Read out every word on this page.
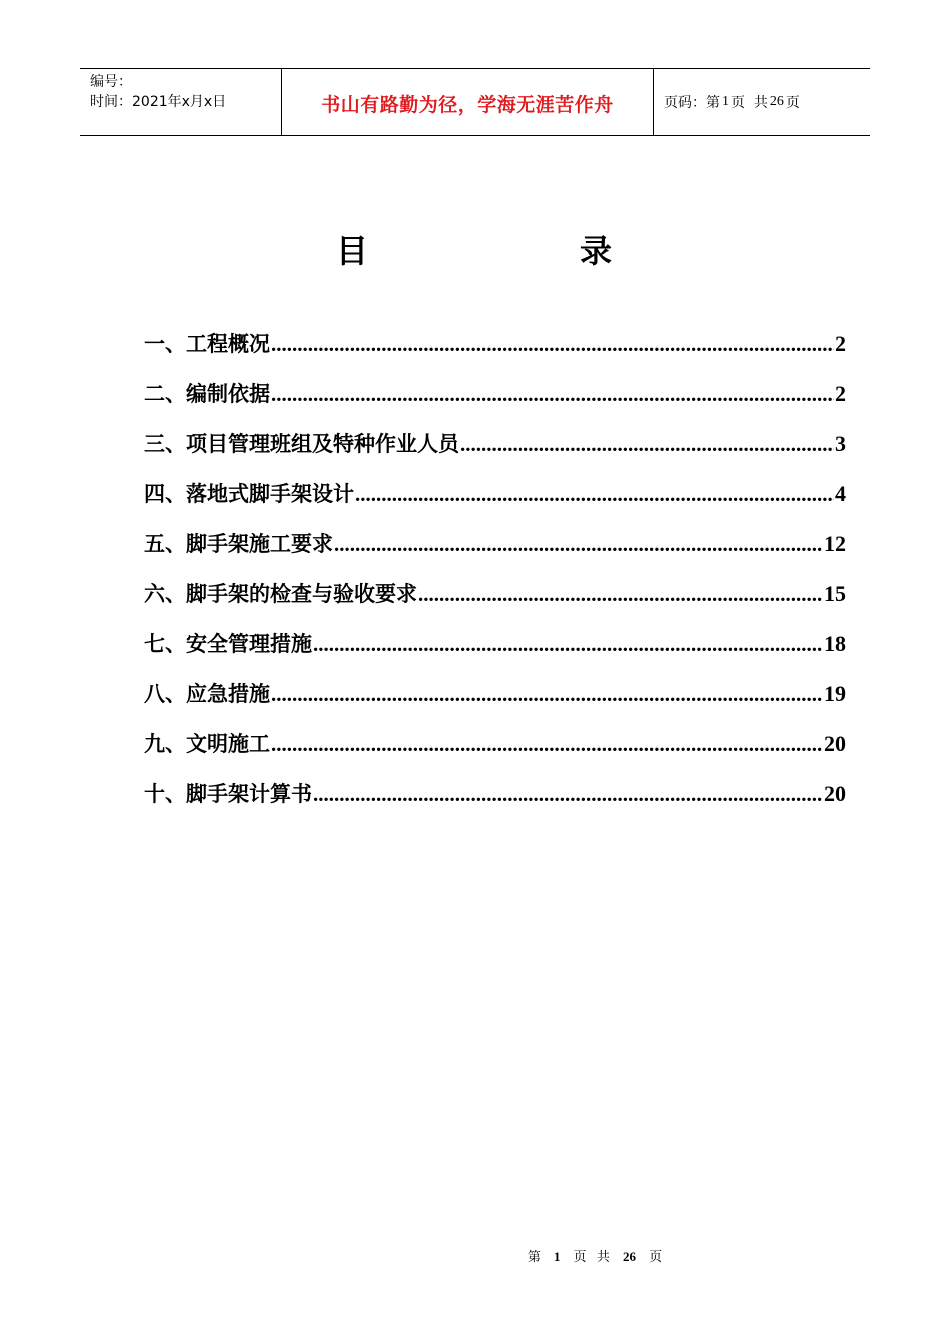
编号：
时间：2021年x月x日	书山有路勤为径，学海无涯苦作舟	页码：第 1 页  共 26 页
目	录
一、工程概况 .....	2
二、编制依据 .....	2
三、项目管理班组及特种作业人员 .....	3
四、落地式脚手架设计 .....	4
五、脚手架施工要求 .....	12
六、脚手架的检查与验收要求 .....	15
七、安全管理措施 .....	18
八、应急措施 .....	19
九、文明施工 .....	20
十、脚手架计算书 .....	20
第 1 页 共 26 页
